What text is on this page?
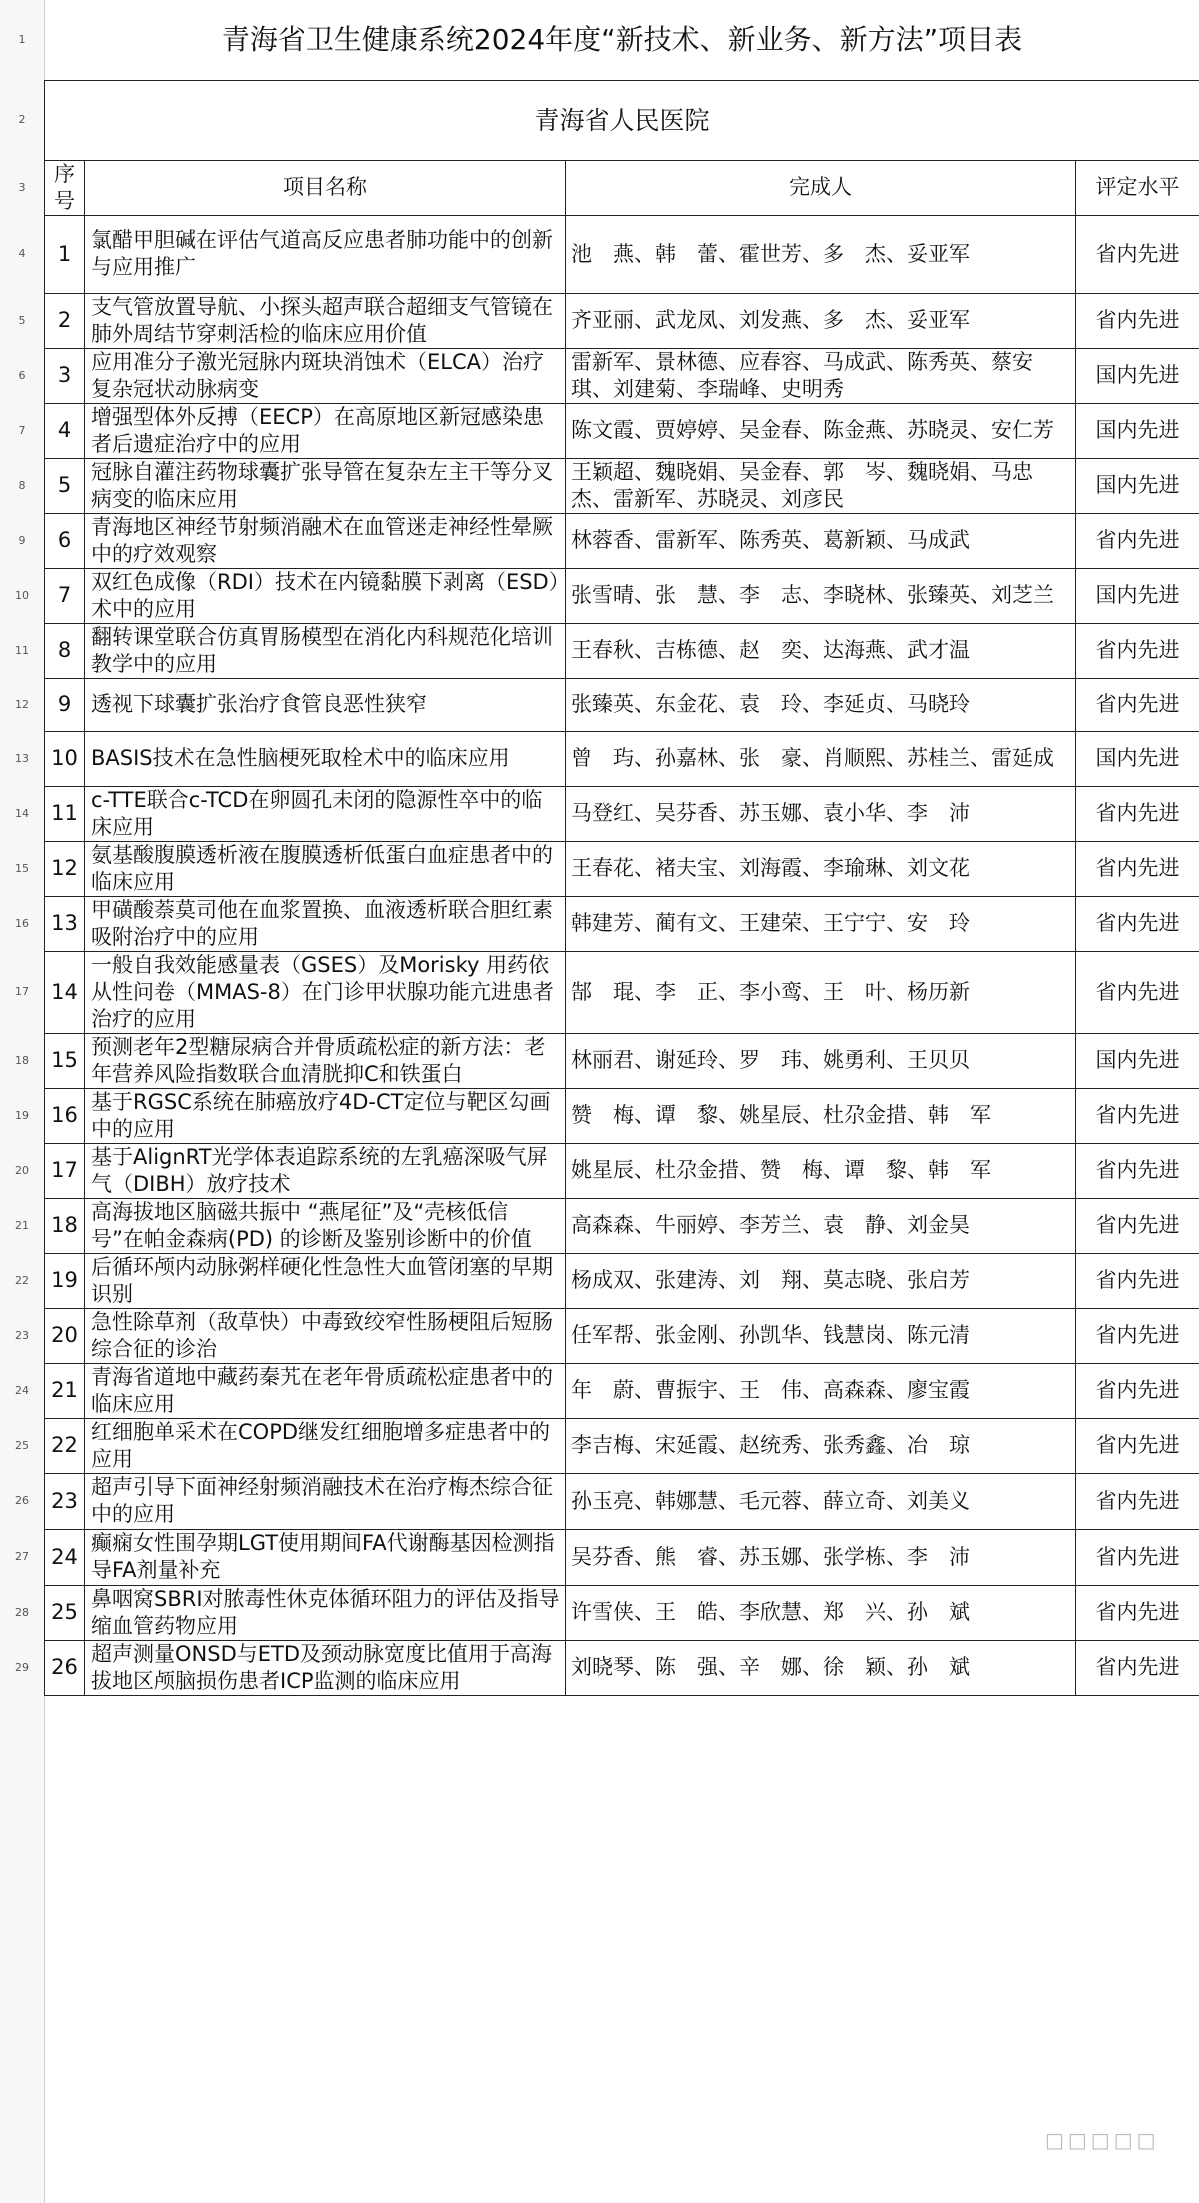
1
2
3
4
5
6
7
8
9
10
11
12
13
14
15
16
17
18
19
20
21
22
23
24
25
26
27
28
29
青海省卫生健康系统2024年度“新技术、新业务、新方法”项目表			
青海省人民医院			
序号	项目名称	完成人	评定水平
1	氯醋甲胆碱在评估气道高反应患者肺功能中的创新与应用推广	池　燕、韩　蕾、霍世芳、多　杰、妥亚军	省内先进
2	支气管放置导航、小探头超声联合超细支气管镜在肺外周结节穿刺活检的临床应用价值	齐亚丽、武龙凤、刘发燕、多　杰、妥亚军	省内先进
3	应用准分子激光冠脉内斑块消蚀术（ELCA）治疗复杂冠状动脉病变	雷新军、景林德、应春容、马成武、陈秀英、蔡安琪、刘建菊、李瑞峰、史明秀	国内先进
4	增强型体外反搏（EECP）在高原地区新冠感染患者后遗症治疗中的应用	陈文霞、贾婷婷、吴金春、陈金燕、苏晓灵、安仁芳	国内先进
5	冠脉自灌注药物球囊扩张导管在复杂左主干等分叉病变的临床应用	王颖超、魏晓娟、吴金春、郭　岑、魏晓娟、马忠杰、雷新军、苏晓灵、刘彦民	国内先进
6	青海地区神经节射频消融术在血管迷走神经性晕厥中的疗效观察	林蓉香、雷新军、陈秀英、葛新颖、马成武	省内先进
7	双红色成像（RDI）技术在内镜黏膜下剥离（ESD）术中的应用	张雪晴、张　慧、李　志、李晓林、张臻英、刘芝兰	国内先进
8	翻转课堂联合仿真胃肠模型在消化内科规范化培训教学中的应用	王春秋、吉栋德、赵　奕、达海燕、武才温	省内先进
9	透视下球囊扩张治疗食管良恶性狭窄	张臻英、东金花、袁　玲、李延贞、马晓玲	省内先进
10	BASIS技术在急性脑梗死取栓术中的临床应用	曾　玙、孙嘉林、张　豪、肖顺熙、苏桂兰、雷延成	国内先进
11	c-TTE联合c-TCD在卵圆孔未闭的隐源性卒中的临床应用	马登红、吴芬香、苏玉娜、袁小华、李　沛	省内先进
12	氨基酸腹膜透析液在腹膜透析低蛋白血症患者中的临床应用	王春花、褚夫宝、刘海霞、李瑜琳、刘文花	省内先进
13	甲磺酸萘莫司他在血浆置换、血液透析联合胆红素吸附治疗中的应用	韩建芳、蔺有文、王建荣、王宁宁、安　玲	省内先进
14	一般自我效能感量表（GSES）及Morisky 用药依从性问卷（MMAS-8）在门诊甲状腺功能亢进患者治疗的应用	郜　琨、李　正、李小鸾、王　叶、杨历新	省内先进
15	预测老年2型糖尿病合并骨质疏松症的新方法：老年营养风险指数联合血清胱抑C和铁蛋白	林丽君、谢延玲、罗　玮、姚勇利、王贝贝	国内先进
16	基于RGSC系统在肺癌放疗4D-CT定位与靶区勾画中的应用	赞　梅、谭　黎、姚星辰、杜尕金措、韩　军	省内先进
17	基于AlignRT光学体表追踪系统的左乳癌深吸气屏气（DIBH）放疗技术	姚星辰、杜尕金措、赞　梅、谭　黎、韩　军	省内先进
18	高海拔地区脑磁共振中 “燕尾征”及“壳核低信号”在帕金森病(PD) 的诊断及鉴别诊断中的价值	高森森、牛丽婷、李芳兰、袁　静、刘金昊	省内先进
19	后循环颅内动脉粥样硬化性急性大血管闭塞的早期识别	杨成双、张建涛、刘　翔、莫志晓、张启芳	省内先进
20	急性除草剂（敌草快）中毒致绞窄性肠梗阻后短肠综合征的诊治	任军帮、张金刚、孙凯华、钱慧岗、陈元清	省内先进
21	青海省道地中藏药秦艽在老年骨质疏松症患者中的临床应用	年　蔚、曹振宇、王　伟、高森森、廖宝霞	省内先进
22	红细胞单采术在COPD继发红细胞增多症患者中的应用	李吉梅、宋延霞、赵统秀、张秀鑫、冶　琼	省内先进
23	超声引导下面神经射频消融技术在治疗梅杰综合征中的应用	孙玉亮、韩娜慧、毛元蓉、薛立奇、刘美义	省内先进
24	癫痫女性围孕期LGT使用期间FA代谢酶基因检测指导FA剂量补充	吴芬香、熊　睿、苏玉娜、张学栋、李　沛	省内先进
25	鼻咽窝SBRI对脓毒性休克体循环阻力的评估及指导缩血管药物应用	许雪侠、王　皓、李欣慧、郑　兴、孙　斌	省内先进
26	超声测量ONSD与ETD及颈动脉宽度比值用于高海拔地区颅脑损伤患者ICP监测的临床应用	刘晓琴、陈　强、辛　娜、徐　颖、孙　斌	省内先进
□□□□□
